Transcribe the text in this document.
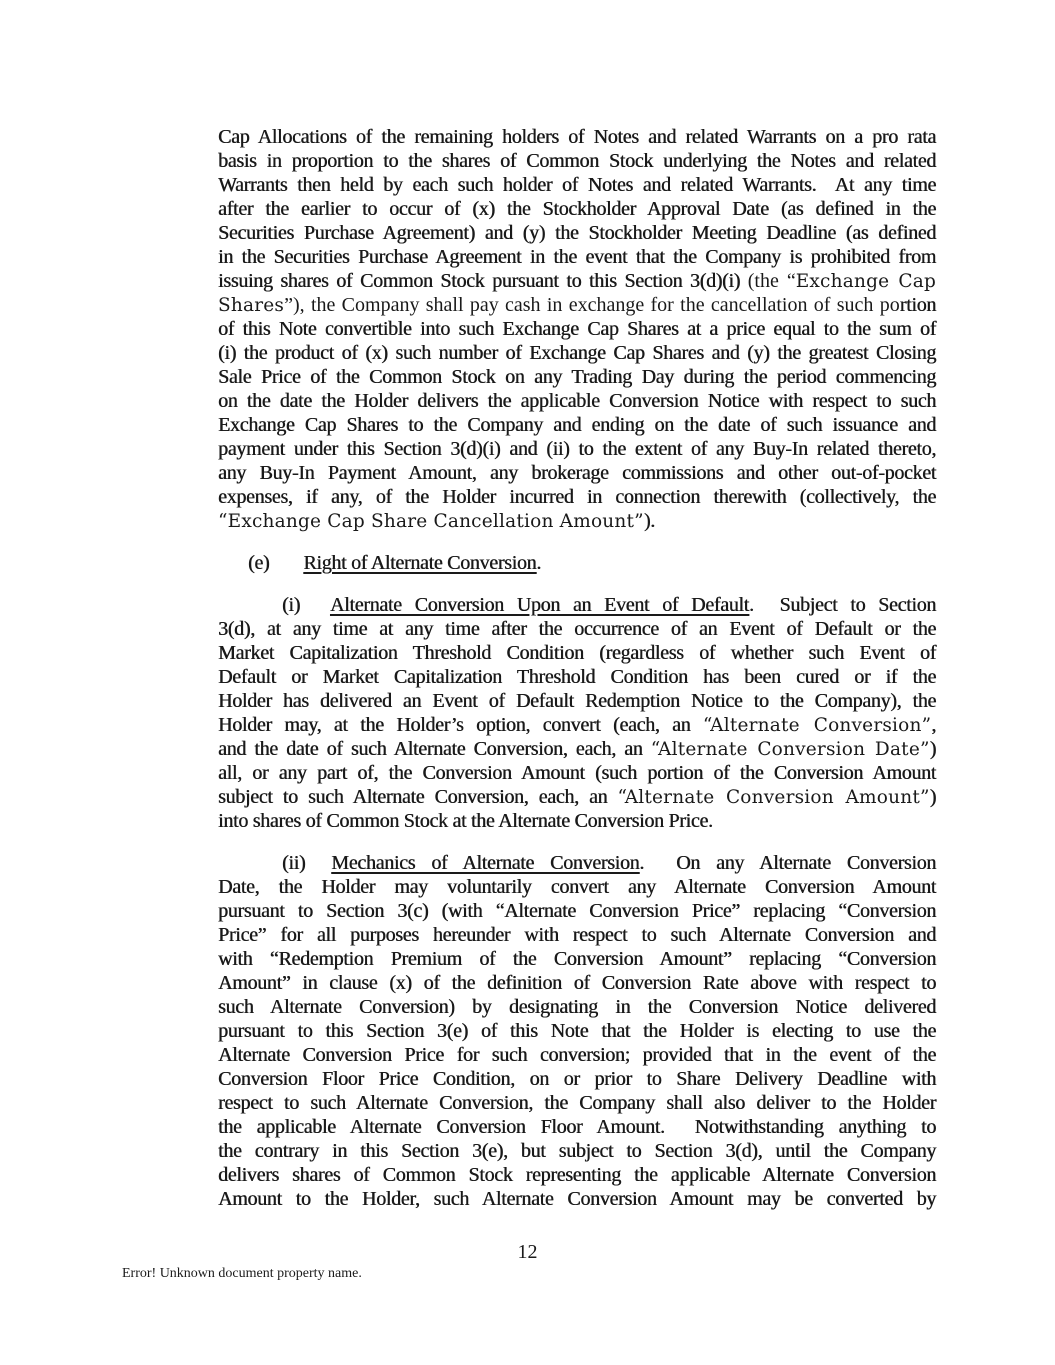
Cap Allocations of the remaining holders of Notes and related Warrants on a pro rata
basis in proportion to the shares of Common Stock underlying the Notes and related
Warrants then held by each such holder of Notes and related Warrants.  At any time
after the earlier to occur of (x) the Stockholder Approval Date (as defined in the
Securities Purchase Agreement) and (y) the Stockholder Meeting Deadline (as defined
in the Securities Purchase Agreement in the event that the Company is prohibited from
issuing shares of Common Stock pursuant to this Section 3(d)(i) (the “Exchange Cap
Shares”), the Company shall pay cash in exchange for the cancellation of such portion
of this Note convertible into such Exchange Cap Shares at a price equal to the sum of
(i) the product of (x) such number of Exchange Cap Shares and (y) the greatest Closing
Sale Price of the Common Stock on any Trading Day during the period commencing
on the date the Holder delivers the applicable Conversion Notice with respect to such
Exchange Cap Shares to the Company and ending on the date of such issuance and
payment under this Section 3(d)(i) and (ii) to the extent of any Buy-In related thereto,
any Buy-In Payment Amount, any brokerage commissions and other out-of-pocket
expenses, if any, of the Holder incurred in connection therewith (collectively, the
“Exchange Cap Share Cancellation Amount”).
(e) Right of Alternate Conversion.
(i) Alternate Conversion Upon an Event of Default.  Subject to Section
3(d), at any time at any time after the occurrence of an Event of Default or the
Market Capitalization Threshold Condition (regardless of whether such Event of
Default or Market Capitalization Threshold Condition has been cured or if the
Holder has delivered an Event of Default Redemption Notice to the Company), the
Holder may, at the Holder’s option, convert (each, an “Alternate Conversion”,
and the date of such Alternate Conversion, each, an “Alternate Conversion Date”)
all, or any part of, the Conversion Amount (such portion of the Conversion Amount
subject to such Alternate Conversion, each, an “Alternate Conversion Amount”)
into shares of Common Stock at the Alternate Conversion Price.
(ii) Mechanics of Alternate Conversion.  On any Alternate Conversion
Date, the Holder may voluntarily convert any Alternate Conversion Amount
pursuant to Section 3(c) (with “Alternate Conversion Price” replacing “Conversion
Price” for all purposes hereunder with respect to such Alternate Conversion and
with “Redemption Premium of the Conversion Amount” replacing “Conversion
Amount” in clause (x) of the definition of Conversion Rate above with respect to
such Alternate Conversion) by designating in the Conversion Notice delivered
pursuant to this Section 3(e) of this Note that the Holder is electing to use the
Alternate Conversion Price for such conversion; provided that in the event of the
Conversion Floor Price Condition, on or prior to Share Delivery Deadline with
respect to such Alternate Conversion, the Company shall also deliver to the Holder
the applicable Alternate Conversion Floor Amount.  Notwithstanding anything to
the contrary in this Section 3(e), but subject to Section 3(d), until the Company
delivers shares of Common Stock representing the applicable Alternate Conversion
Amount to the Holder, such Alternate Conversion Amount may be converted by
12
Error! Unknown document property name.
